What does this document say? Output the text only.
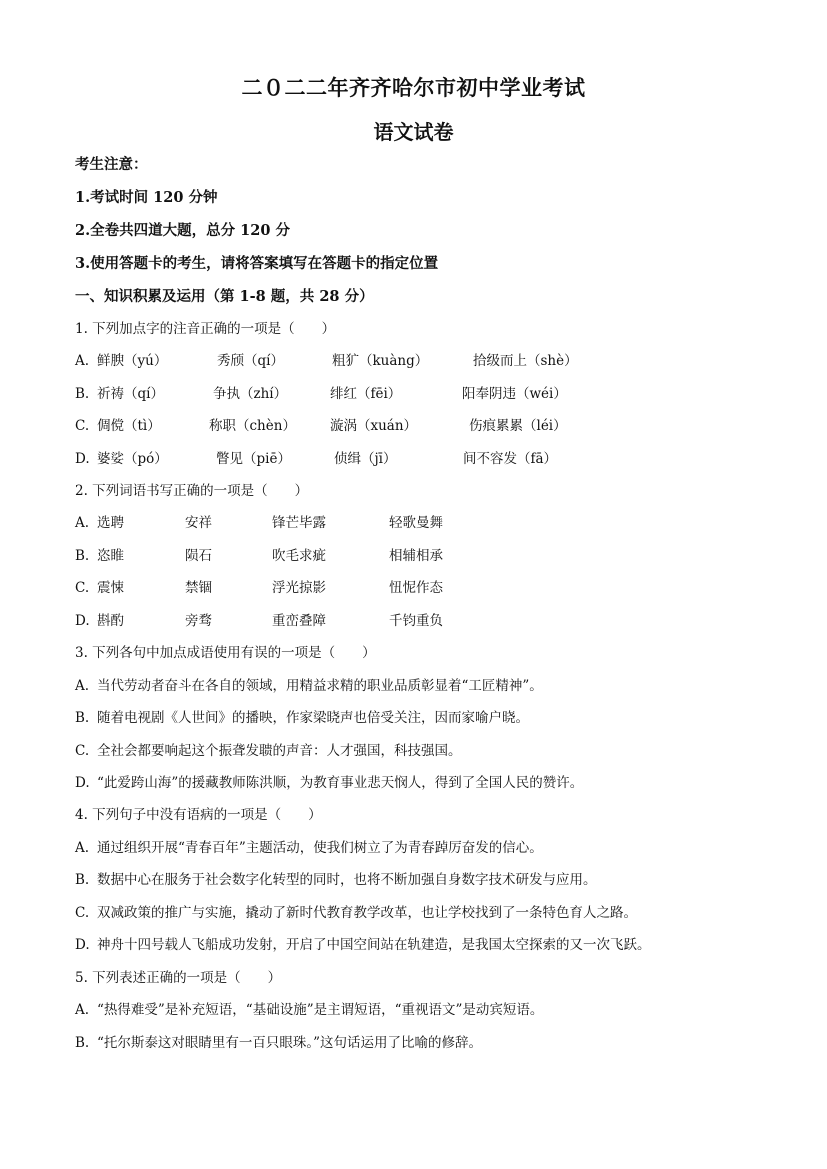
二０二二年齐齐哈尔市初中学业考试
语文试卷
考生注意：
1.考试时间 120 分钟
2.全卷共四道大题，总分 120 分
3.使用答题卡的考生，请将答案填写在答题卡的指定位置
一、知识积累及运用（第 1-8 题，共 28 分）
1. 下列加点字的注音正确的一项是（　　）
A. 鲜腴（yú）	秀颀（qí）	粗犷（kuàng）	拾级而上（shè）
B. 祈祷（qí）	争执（zhí）	绯红（fēi）	阳奉阴违（wéi）
C. 倜傥（tì）	称职（chèn）	漩涡（xuán）	伤痕累累（léi）
D. 婆娑（pó）	瞥见（piē）	侦缉（jī）	间不容发（fā）
2. 下列词语书写正确的一项是（　　）
A. 选聘	安祥	锋芒毕露	轻歌曼舞
B. 恣睢	陨石	吹毛求疵	相辅相承
C. 震悚	禁锢	浮光掠影	忸怩作态
D. 斟酌	旁骛	重峦叠障	千钧重负
3. 下列各句中加点成语使用有误的一项是（　　）
A. 当代劳动者奋斗在各自的领域，用精益求精的职业品质彰显着“工匠精神”。
B. 随着电视剧《人世间》的播映，作家梁晓声也倍受关注，因而家喻户晓。
C. 全社会都要响起这个振聋发聩的声音：人才强国，科技强国。
D. “此爱跨山海”的援藏教师陈洪顺，为教育事业悲天悯人，得到了全国人民的赞许。
4. 下列句子中没有语病的一项是（　　）
A. 通过组织开展“青春百年”主题活动，使我们树立了为青春踔厉奋发的信心。
B. 数据中心在服务于社会数字化转型的同时，也将不断加强自身数字技术研发与应用。
C. 双减政策的推广与实施，撬动了新时代教育教学改革，也让学校找到了一条特色育人之路。
D. 神舟十四号载人飞船成功发射，开启了中国空间站在轨建造，是我国太空探索的又一次飞跃。
5. 下列表述正确的一项是（　　）
A. “热得难受”是补充短语，“基础设施”是主谓短语，“重视语文”是动宾短语。
B. “托尔斯泰这对眼睛里有一百只眼珠。”这句话运用了比喻的修辞。
